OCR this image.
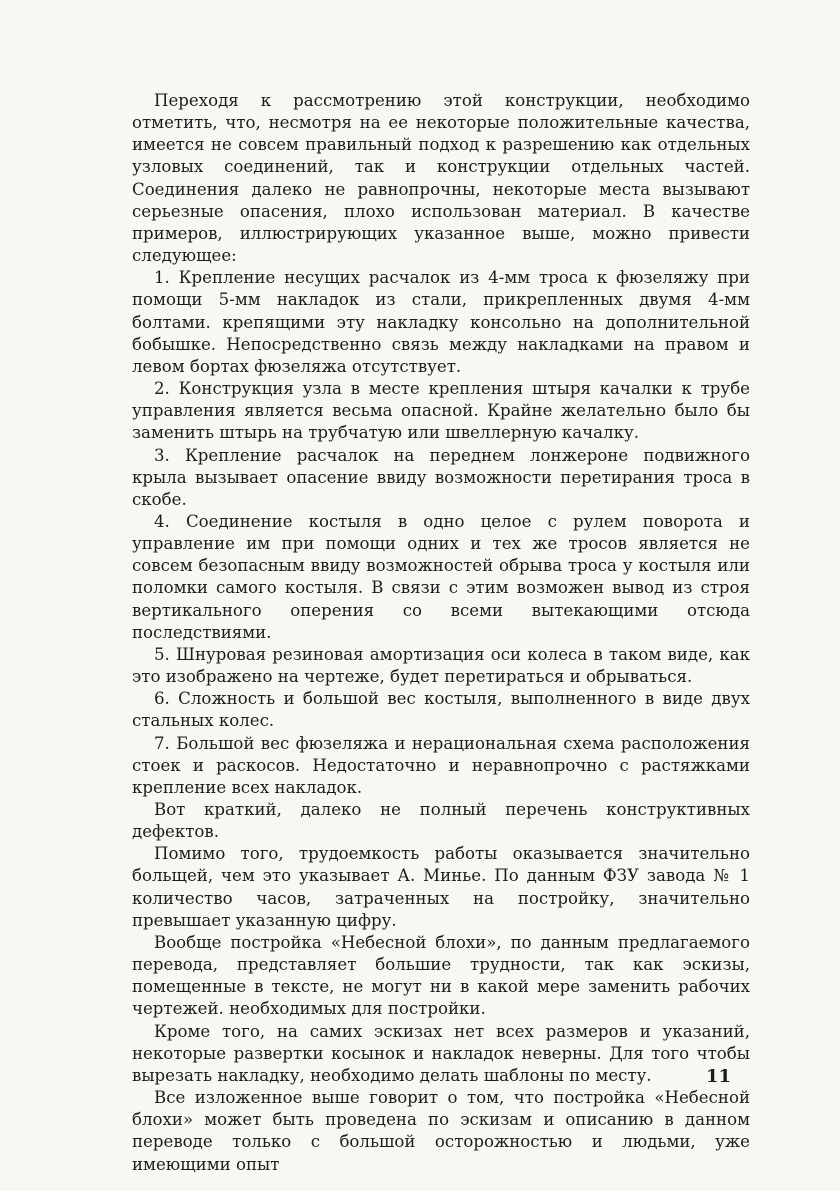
Переходя к рассмотрению этой конструкции, необходимо отметить, что, несмотря на ее некоторые положительные качества, имеется не совсем правильный подход к разрешению как отдельных узловых соединений, так и конструкции отдельных частей. Соединения далеко не равнопрочны, некоторые места вызывают серьезные опасения, плохо использован материал. В качестве примеров, иллюстрирующих указанное выше, можно привести следующее:

1. Крепление несущих расчалок из 4-мм троса к фюзеляжу при помощи 5-мм накладок из стали, прикрепленных двумя 4-мм болтами. крепящими эту накладку консольно на дополнительной бобышке. Непосредственно связь между накладками на правом и левом бортах фюзеляжа отсутствует.

2. Конструкция узла в месте крепления штыря качалки к трубе управления является весьма опасной. Крайне желательно было бы заменить штырь на трубчатую или швеллерную качалку.

3. Крепление расчалок на переднем лонжероне подвижного крыла вызывает опасение ввиду возможности перетирания троса в скобе.

4. Соединение костыля в одно целое с рулем поворота и управление им при помощи одних и тех же тросов является не совсем безопасным ввиду возможностей обрыва троса у костыля или поломки самого костыля. В связи с этим возможен вывод из строя вертикального оперения со всеми вытекающими отсюда последствиями.

5. Шнуровая резиновая амортизация оси колеса в таком виде, как это изображено на чертеже, будет перетираться и обрываться.

6. Сложность и большой вес костыля, выполненного в виде двух стальных колес.

7. Большой вес фюзеляжа и нерациональная схема расположения стоек и раскосов. Недостаточно и неравнопрочно с растяжками крепление всех накладок.

Вот краткий, далеко не полный перечень конструктивных дефектов.

Помимо того, трудоемкость работы оказывается значительно больщей, чем это указывает А. Минье. По данным ФЗУ завода № 1 количество часов, затраченных на постройку, значительно превышает указанную цифру.

Вообще постройка «Небесной блохи», по данным предлагаемого перевода, представляет большие трудности, так как эскизы, помещенные в тексте, не могут ни в какой мере заменить рабочих чертежей. необходимых для постройки.

Кроме того, на самих эскизах нет всех размеров и указаний, некоторые развертки косынок и накладок неверны. Для того чтобы вырезать накладку, необходимо делать шаблоны по месту.

Все изложенное выше говорит о том, что постройка «Небесной блохи» может быть проведена по эскизам и описанию в данном переводе только с большой осторожностью и людьми, уже имеющими опыт

11
